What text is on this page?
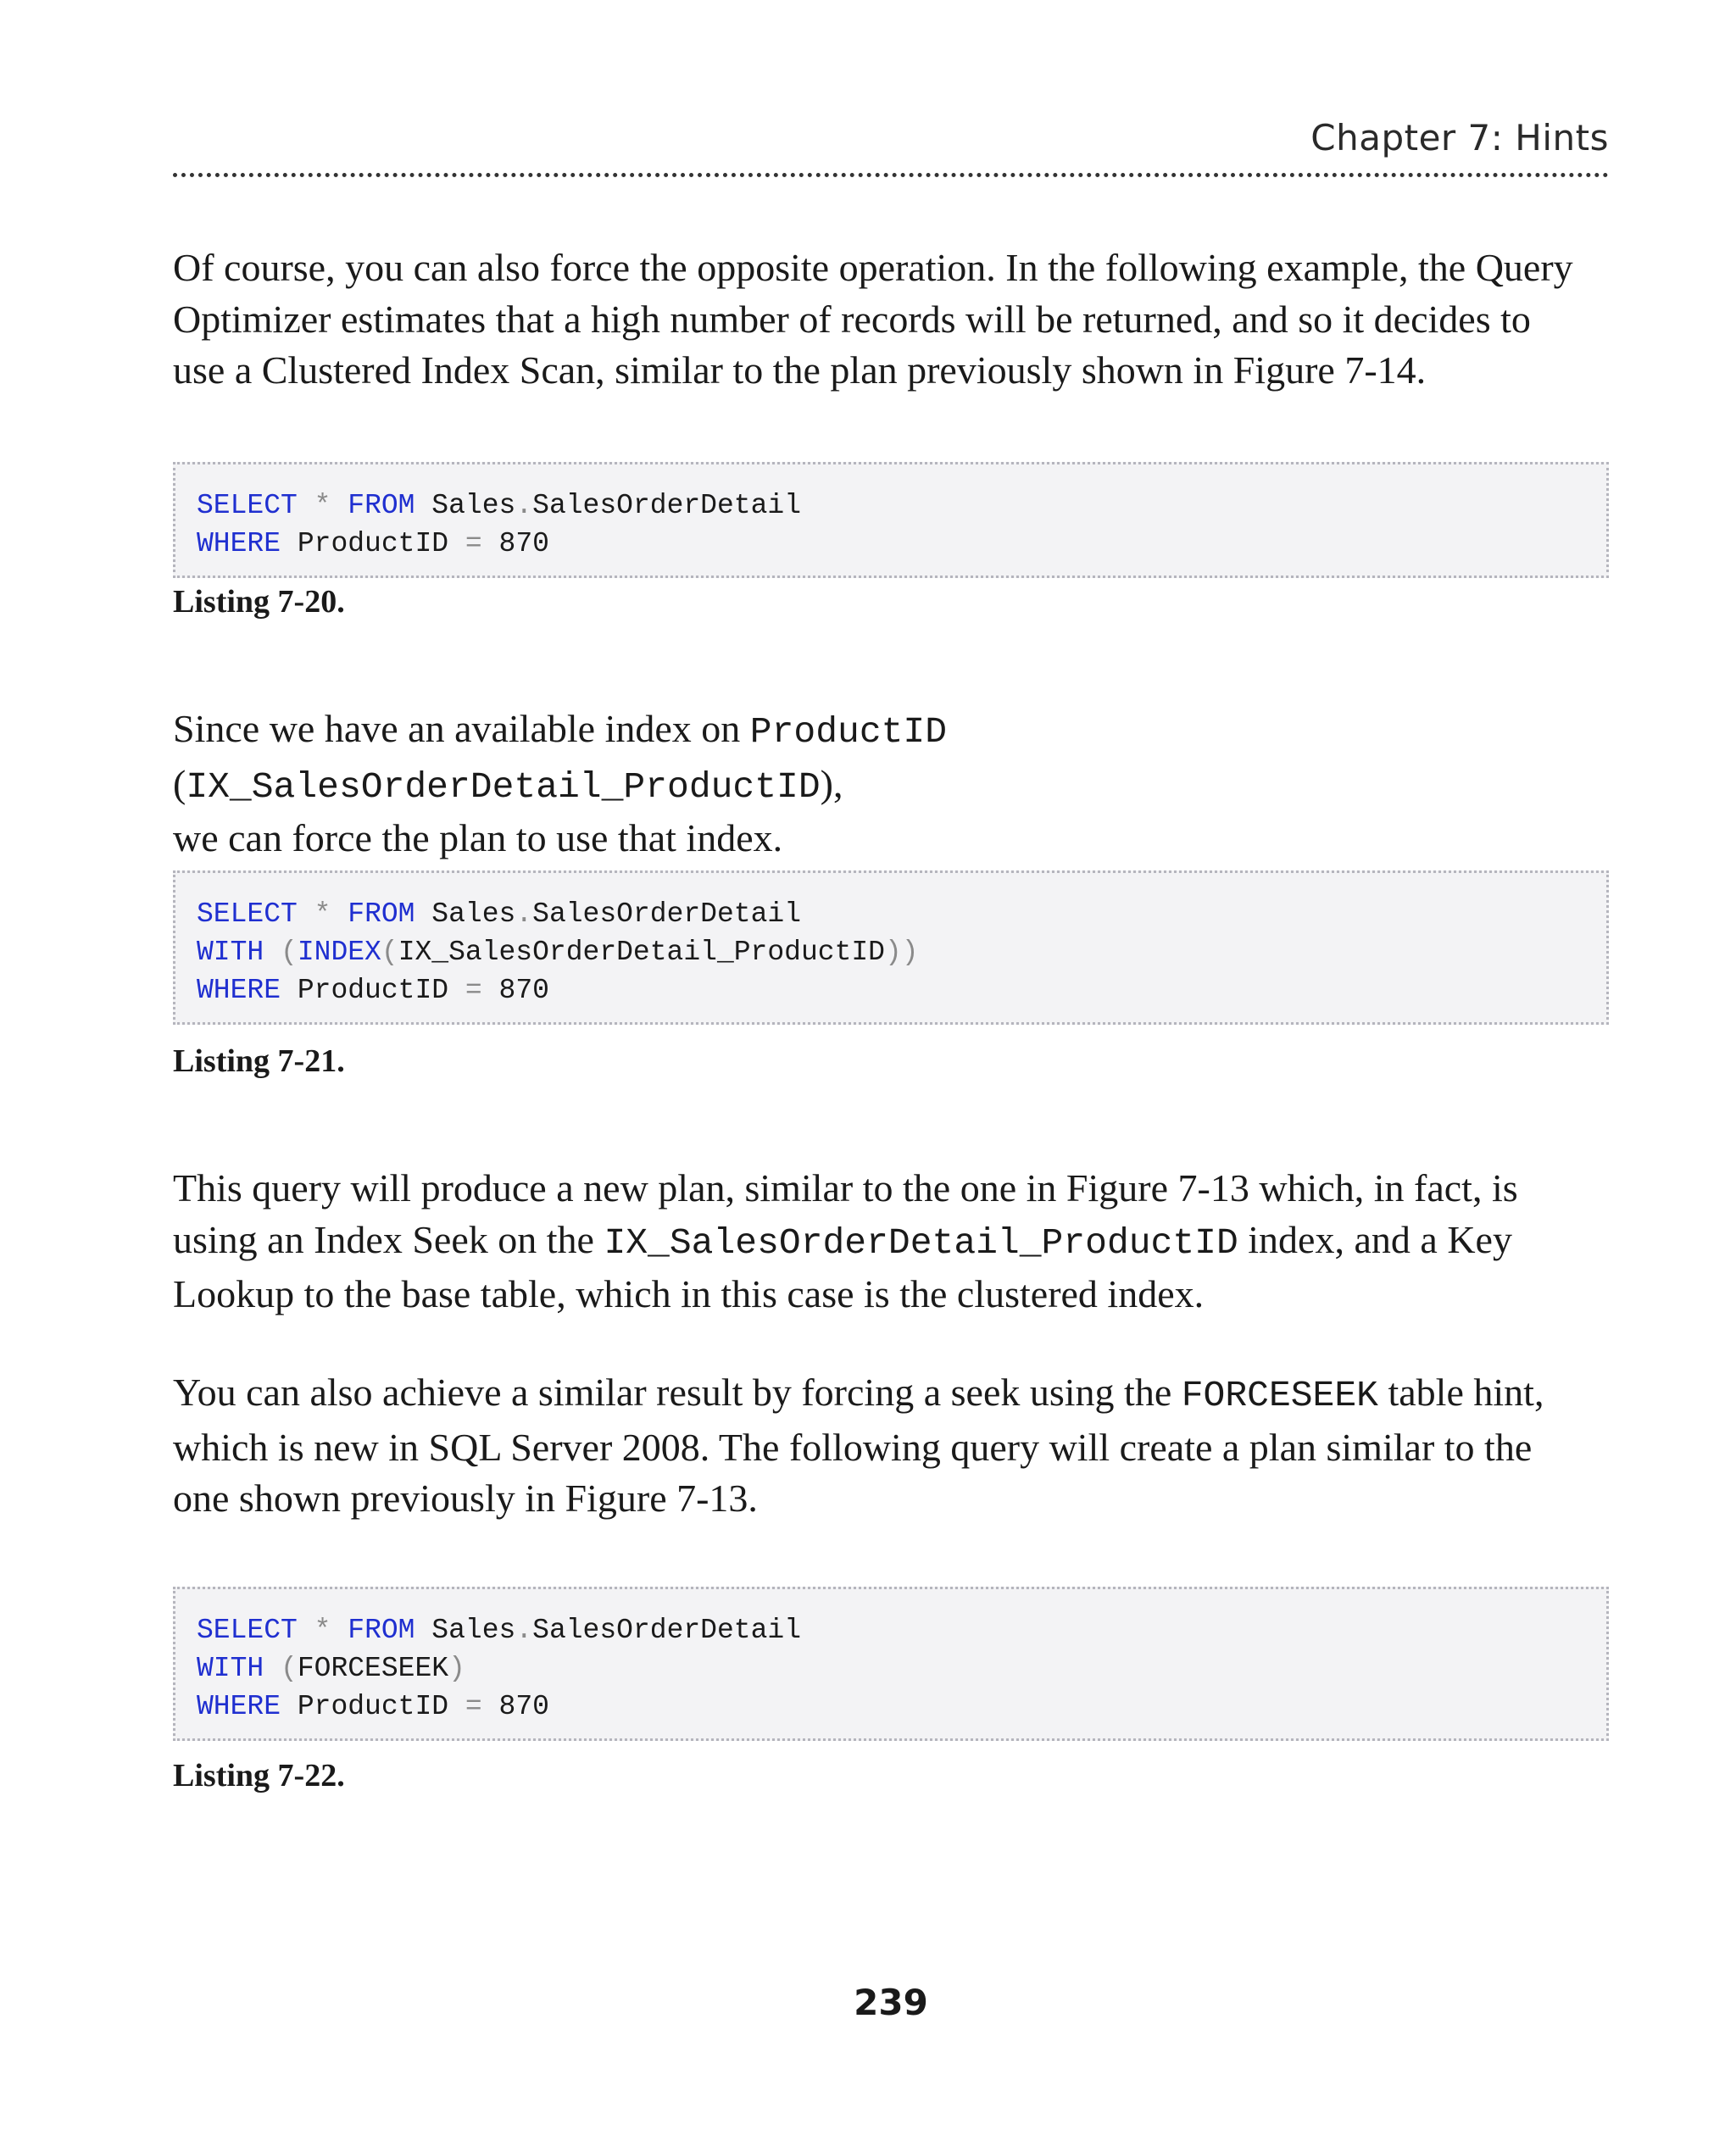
Chapter 7: Hints

Of course, you can also force the opposite operation. In the following example, the Query
Optimizer estimates that a high number of records will be returned, and so it decides to
use a Clustered Index Scan, similar to the plan previously shown in Figure 7-14.

SELECT * FROM Sales.SalesOrderDetail
WHERE ProductID = 870
Listing 7-20.

Since we have an available index on ProductID (IX_SalesOrderDetail_ProductID),
we can force the plan to use that index.

SELECT * FROM Sales.SalesOrderDetail
WITH (INDEX(IX_SalesOrderDetail_ProductID))
WHERE ProductID = 870
Listing 7-21.

This query will produce a new plan, similar to the one in Figure 7-13 which, in fact, is
using an Index Seek on the IX_SalesOrderDetail_ProductID index, and a Key
Lookup to the base table, which in this case is the clustered index.

You can also achieve a similar result by forcing a seek using the FORCESEEK table hint,
which is new in SQL Server 2008. The following query will create a plan similar to the
one shown previously in Figure 7-13.

SELECT * FROM Sales.SalesOrderDetail
WITH (FORCESEEK)
WHERE ProductID = 870
Listing 7-22.
239
